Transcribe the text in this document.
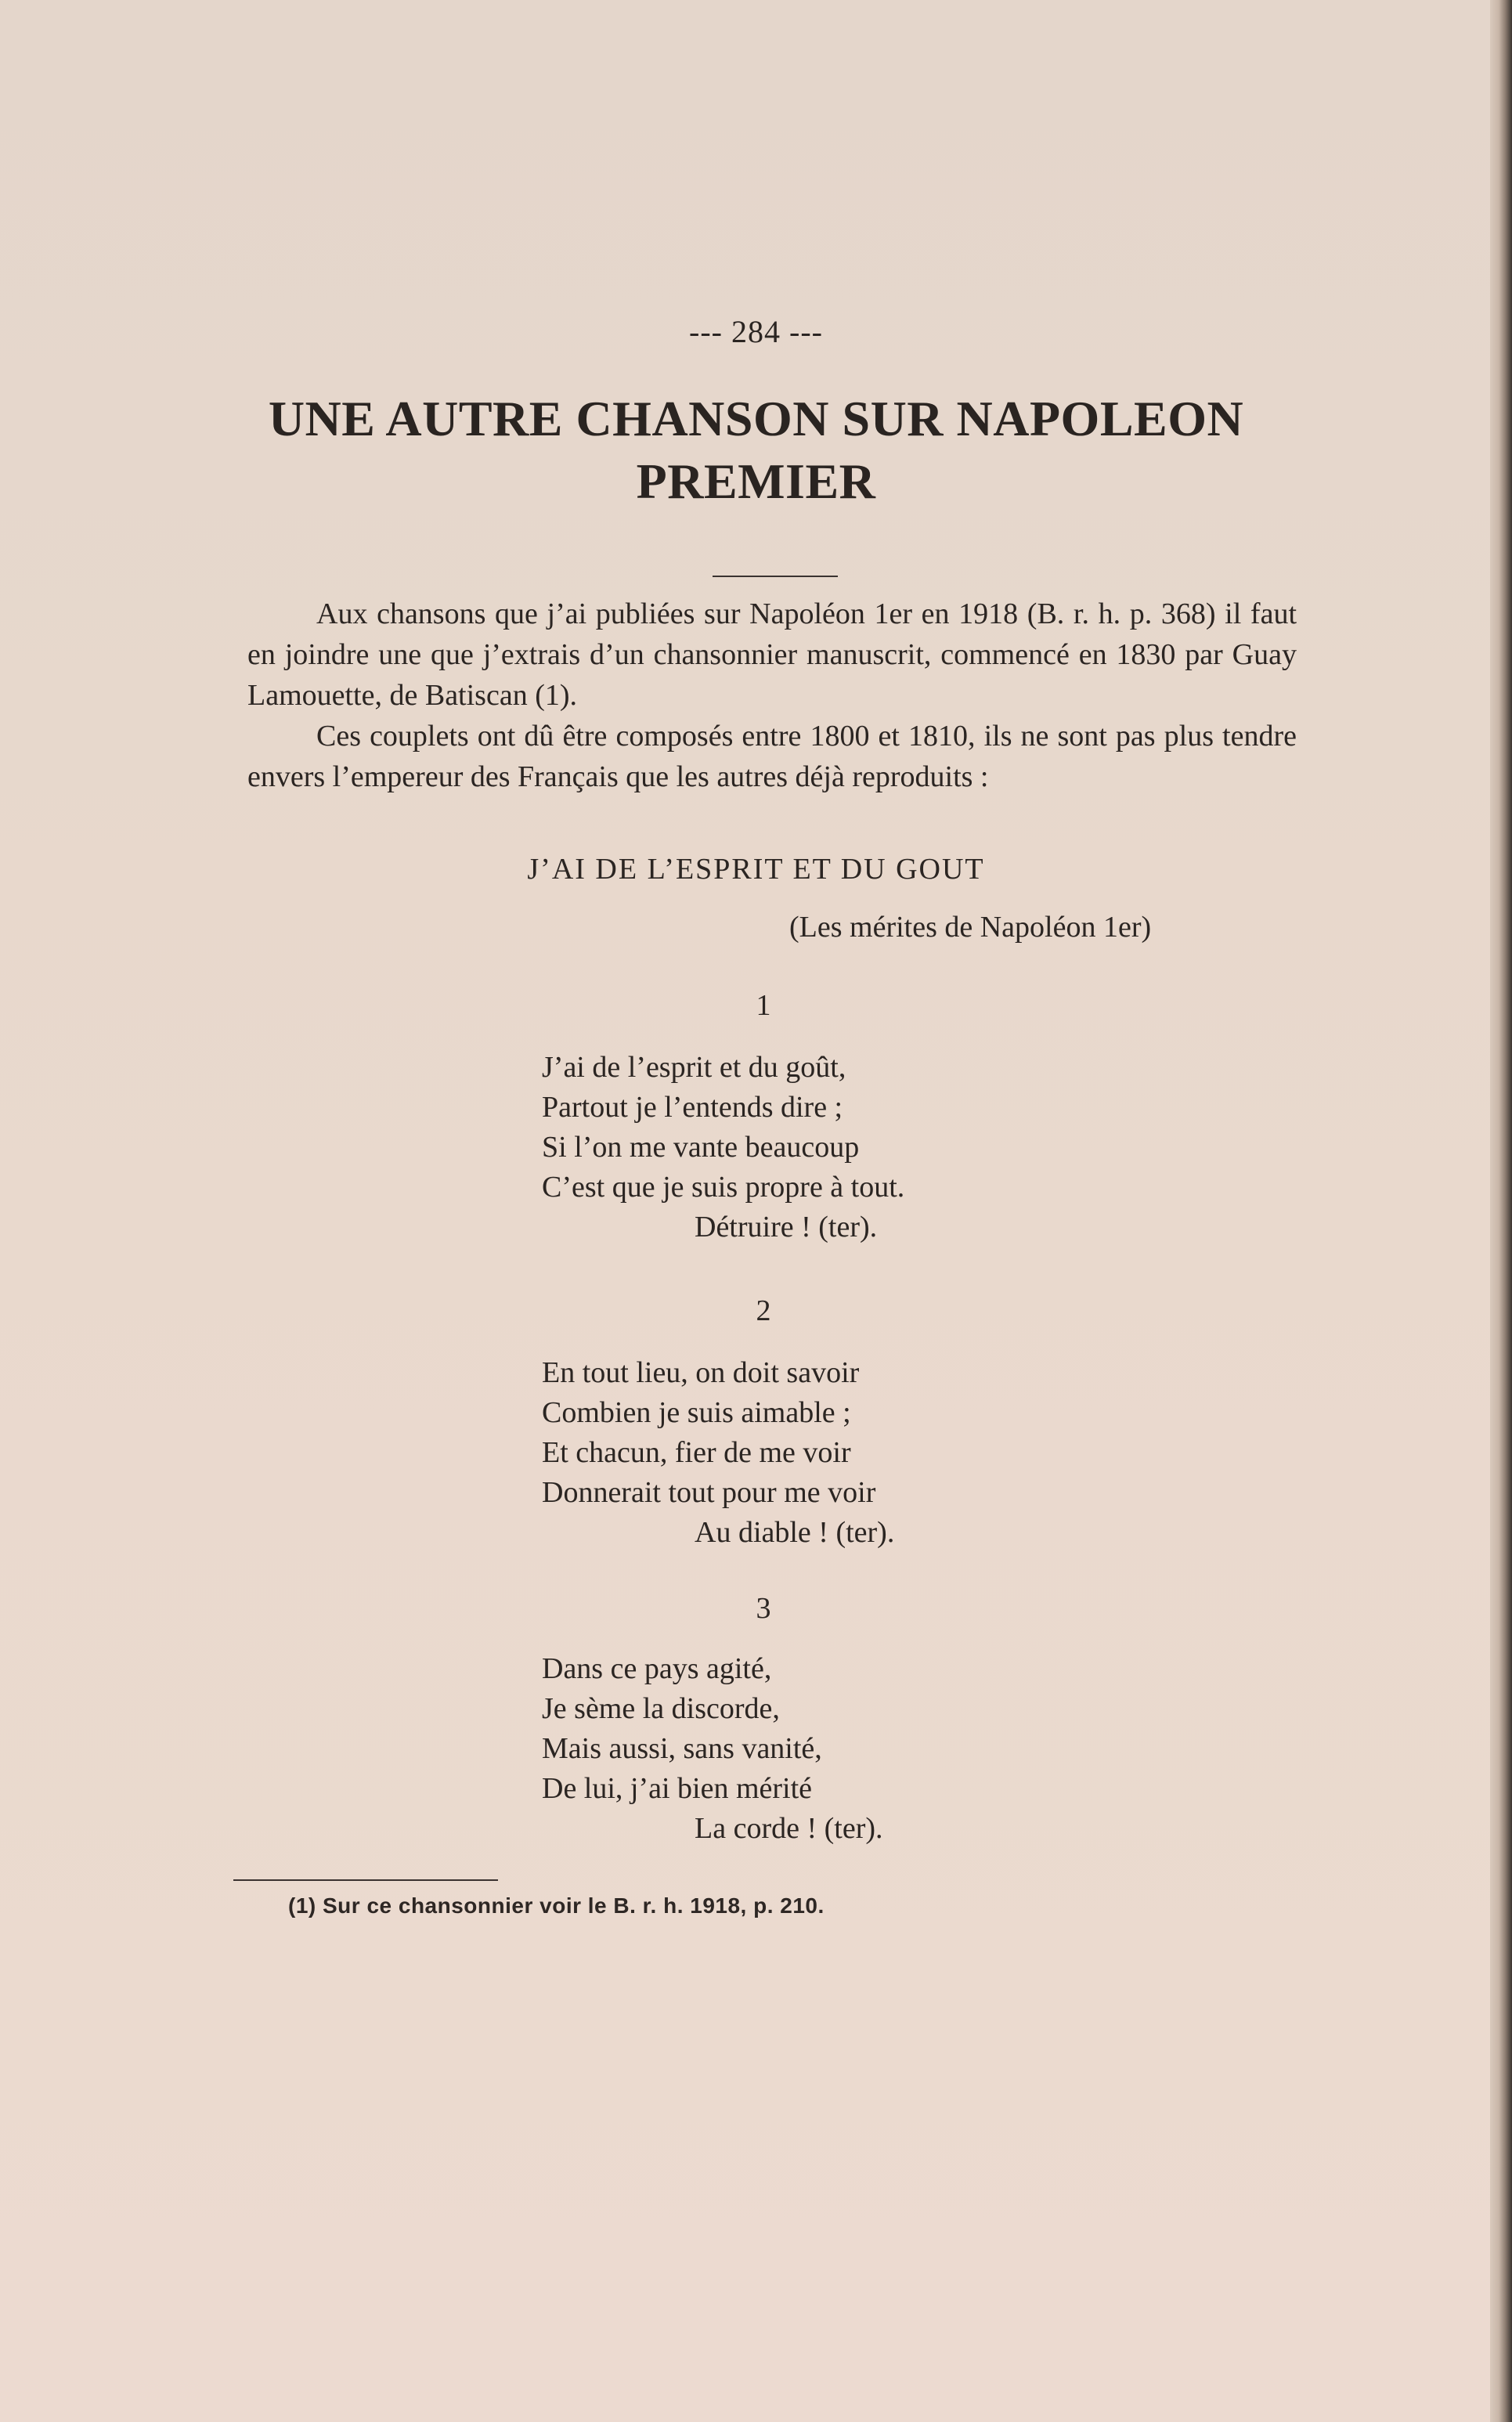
--- 284 ---
UNE AUTRE CHANSON SUR NAPOLEON
PREMIER
Aux chansons que j’ai publiées sur Napoléon 1er en 1918 (B. r. h. p. 368) il faut en joindre une que j’extrais d’un chansonnier manuscrit, commencé en 1830 par Guay Lamouette, de Batiscan (1).
Ces couplets ont dû être composés entre 1800 et 1810, ils ne sont pas plus tendre envers l’empereur des Français que les autres déjà reproduits :
J’AI DE L’ESPRIT ET DU GOUT
(Les mérites de Napoléon 1er)
1
J’ai de l’esprit et du goût,
Partout je l’entends dire ;
Si l’on me vante beaucoup
C’est que je suis propre à tout.
Détruire ! (ter).
2
En tout lieu, on doit savoir
Combien je suis aimable ;
Et chacun, fier de me voir
Donnerait tout pour me voir
Au diable ! (ter).
3
Dans ce pays agité,
Je sème la discorde,
Mais aussi, sans vanité,
De lui, j’ai bien mérité
La corde ! (ter).
(1) Sur ce chansonnier voir le B. r. h. 1918, p. 210.
